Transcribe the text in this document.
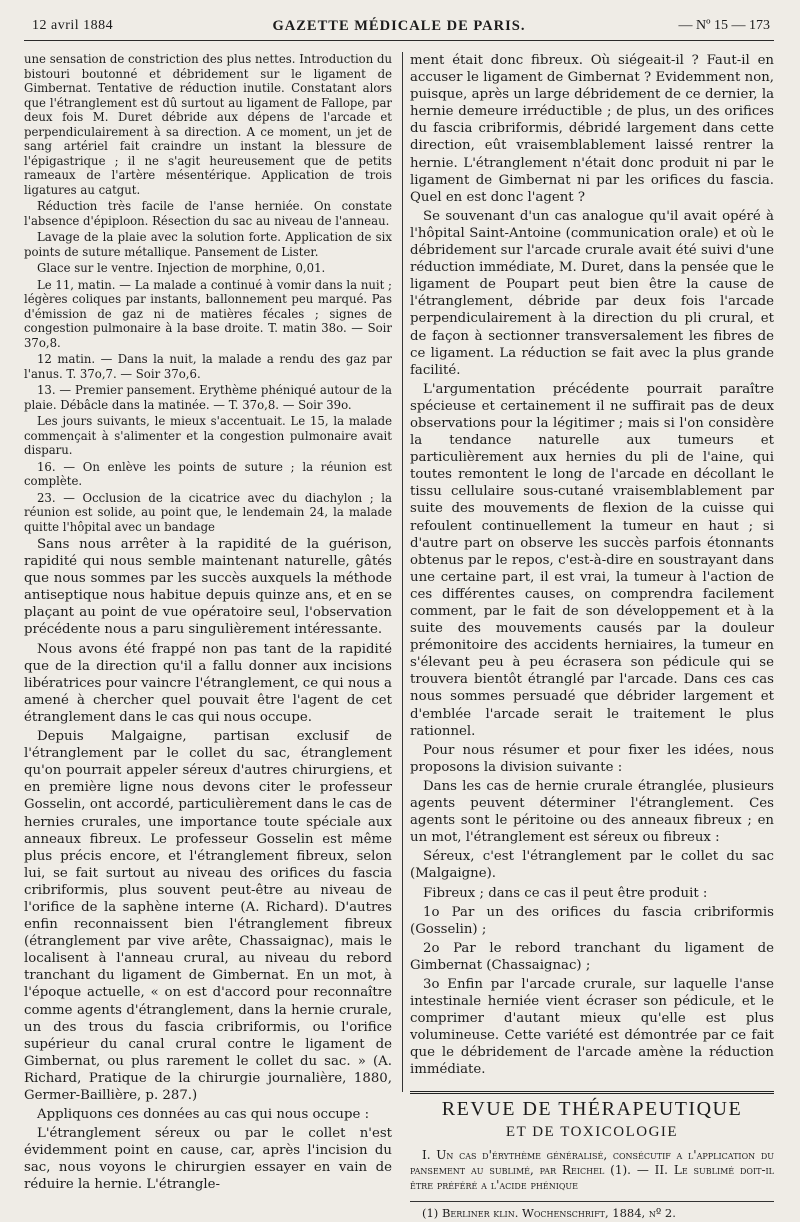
12 avril 1884	GAZETTE MÉDICALE DE PARIS.	— Nº 15 — 173

une sensation de constriction des plus nettes. Introduction du bistouri boutonné et débridement sur le ligament de Gimbernat. Tentative de réduction inutile. Constatant alors que l'étranglement est dû surtout au ligament de Fallope, par deux fois M. Duret débride aux dépens de l'arcade et perpendiculairement à sa direction. A ce moment, un jet de sang artériel fait craindre un instant la blessure de l'épigastrique ; il ne s'agit heureusement que de petits rameaux de l'artère mésentérique. Application de trois ligatures au catgut.

Réduction très facile de l'anse herniée. On constate l'absence d'épiploon. Résection du sac au niveau de l'anneau.

Lavage de la plaie avec la solution forte. Application de six points de suture métallique. Pansement de Lister.

Glace sur le ventre. Injection de morphine, 0,01.

Le 11, matin. — La malade a continué à vomir dans la nuit ; légères coliques par instants, ballonnement peu marqué. Pas d'émission de gaz ni de matières fécales ; signes de congestion pulmonaire à la base droite. T. matin 38o. — Soir 37o,8.

12 matin. — Dans la nuit, la malade a rendu des gaz par l'anus. T. 37o,7. — Soir 37o,6.

13. — Premier pansement. Erythème phéniqué autour de la plaie. Débâcle dans la matinée. — T. 37o,8. — Soir 39o.

Les jours suivants, le mieux s'accentuait. Le 15, la malade commençait à s'alimenter et la congestion pulmonaire avait disparu.

16. — On enlève les points de suture ; la réunion est complète.

23. — Occlusion de la cicatrice avec du diachylon ; la réunion est solide, au point que, le lendemain 24, la malade quitte l'hôpital avec un bandage

Sans nous arrêter à la rapidité de la guérison, rapidité qui nous semble maintenant naturelle, gâtés que nous sommes par les succès auxquels la méthode antiseptique nous habitue depuis quinze ans, et en se plaçant au point de vue opératoire seul, l'observation précédente nous a paru singulièrement intéressante.

Nous avons été frappé non pas tant de la rapidité que de la direction qu'il a fallu donner aux incisions libératrices pour vaincre l'étranglement, ce qui nous a amené à chercher quel pouvait être l'agent de cet étranglement dans le cas qui nous occupe.

Depuis Malgaigne, partisan exclusif de l'étranglement par le collet du sac, étranglement qu'on pourrait appeler séreux d'autres chirurgiens, et en première ligne nous devons citer le professeur Gosselin, ont accordé, particulièrement dans le cas de hernies crurales, une importance toute spéciale aux anneaux fibreux. Le professeur Gosselin est même plus précis encore, et l'étranglement fibreux, selon lui, se fait surtout au niveau des orifices du fascia cribriformis, plus souvent peut-être au niveau de l'orifice de la saphène interne (A. Richard). D'autres enfin reconnaissent bien l'étranglement fibreux (étranglement par vive arête, Chassaignac), mais le localisent à l'anneau crural, au niveau du rebord tranchant du ligament de Gimbernat. En un mot, à l'époque actuelle, « on est d'accord pour reconnaître comme agents d'étranglement, dans la hernie crurale, un des trous du fascia cribriformis, ou l'orifice supérieur du canal crural contre le ligament de Gimbernat, ou plus rarement le collet du sac. » (A. Richard, Pratique de la chirurgie journalière, 1880, Germer-Baillière, p. 287.)

Appliquons ces données au cas qui nous occupe :

L'étranglement séreux ou par le collet n'est évidemment point en cause, car, après l'incision du sac, nous voyons le chirurgien essayer en vain de réduire la hernie. L'étrangle-

ment était donc fibreux. Où siégeait-il ? Faut-il en accuser le ligament de Gimbernat ? Evidemment non, puisque, après un large débridement de ce dernier, la hernie demeure irréductible ; de plus, un des orifices du fascia cribriformis, débridé largement dans cette direction, eût vraisemblablement laissé rentrer la hernie. L'étranglement n'était donc produit ni par le ligament de Gimbernat ni par les orifices du fascia. Quel en est donc l'agent ?

Se souvenant d'un cas analogue qu'il avait opéré à l'hôpital Saint-Antoine (communication orale) et où le débridement sur l'arcade crurale avait été suivi d'une réduction immédiate, M. Duret, dans la pensée que le ligament de Poupart peut bien être la cause de l'étranglement, débride par deux fois l'arcade perpendiculairement à la direction du pli crural, et de façon à sectionner transversalement les fibres de ce ligament. La réduction se fait avec la plus grande facilité.

L'argumentation précédente pourrait paraître spécieuse et certainement il ne suffirait pas de deux observations pour la légitimer ; mais si l'on considère la tendance naturelle aux tumeurs et particulièrement aux hernies du pli de l'aine, qui toutes remontent le long de l'arcade en décollant le tissu cellulaire sous-cutané vraisemblablement par suite des mouvements de flexion de la cuisse qui refoulent continuellement la tumeur en haut ; si d'autre part on observe les succès parfois étonnants obtenus par le repos, c'est-à-dire en soustrayant dans une certaine part, il est vrai, la tumeur à l'action de ces différentes causes, on comprendra facilement comment, par le fait de son développement et à la suite des mouvements causés par la douleur prémonitoire des accidents herniaires, la tumeur en s'élevant peu à peu écrasera son pédicule qui se trouvera bientôt étranglé par l'arcade. Dans ces cas nous sommes persuadé que débrider largement et d'emblée l'arcade serait le traitement le plus rationnel.

Pour nous résumer et pour fixer les idées, nous proposons la division suivante :

Dans les cas de hernie crurale étranglée, plusieurs agents peuvent déterminer l'étranglement. Ces agents sont le péritoine ou des anneaux fibreux ; en un mot, l'étranglement est séreux ou fibreux :

Séreux, c'est l'étranglement par le collet du sac (Malgaigne).

Fibreux ; dans ce cas il peut être produit :

1o Par un des orifices du fascia cribriformis (Gosselin) ;

2o Par le rebord tranchant du ligament de Gimbernat (Chassaignac) ;

3o Enfin par l'arcade crurale, sur laquelle l'anse intestinale herniée vient écraser son pédicule, et le comprimer d'autant mieux qu'elle est plus volumineuse. Cette variété est démontrée par ce fait que le débridement de l'arcade amène la réduction immédiate.

REVUE DE THÉRAPEUTIQUE
ET DE TOXICOLOGIE
I. Un cas d'érythème généralisé, consécutif a l'application du pansement au sublimé, par Reichel (1). — II. Le sublimé doit-il être préféré a l'acide phénique
(1) Berliner klin. Wochenschrift, 1884, nº 2.
